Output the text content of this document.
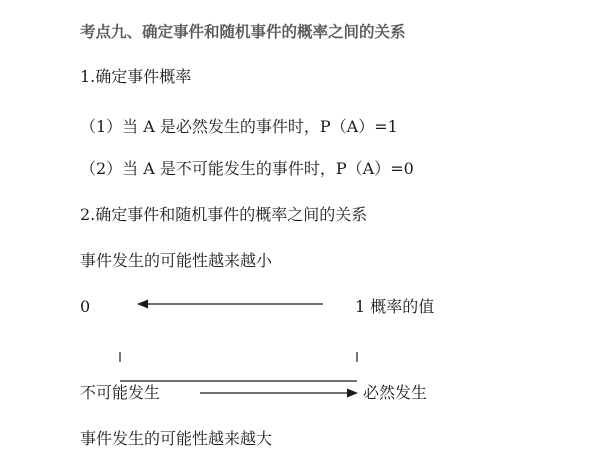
考点九、确定事件和随机事件的概率之间的关系
1.确定事件概率
（1）当 A 是必然发生的事件时，P（A）=1
（2）当 A 是不可能发生的事件时，P（A）=0
2.确定事件和随机事件的概率之间的关系
事件发生的可能性越来越小
0	1 概率的值
不可能发生	必然发生
事件发生的可能性越来越大
